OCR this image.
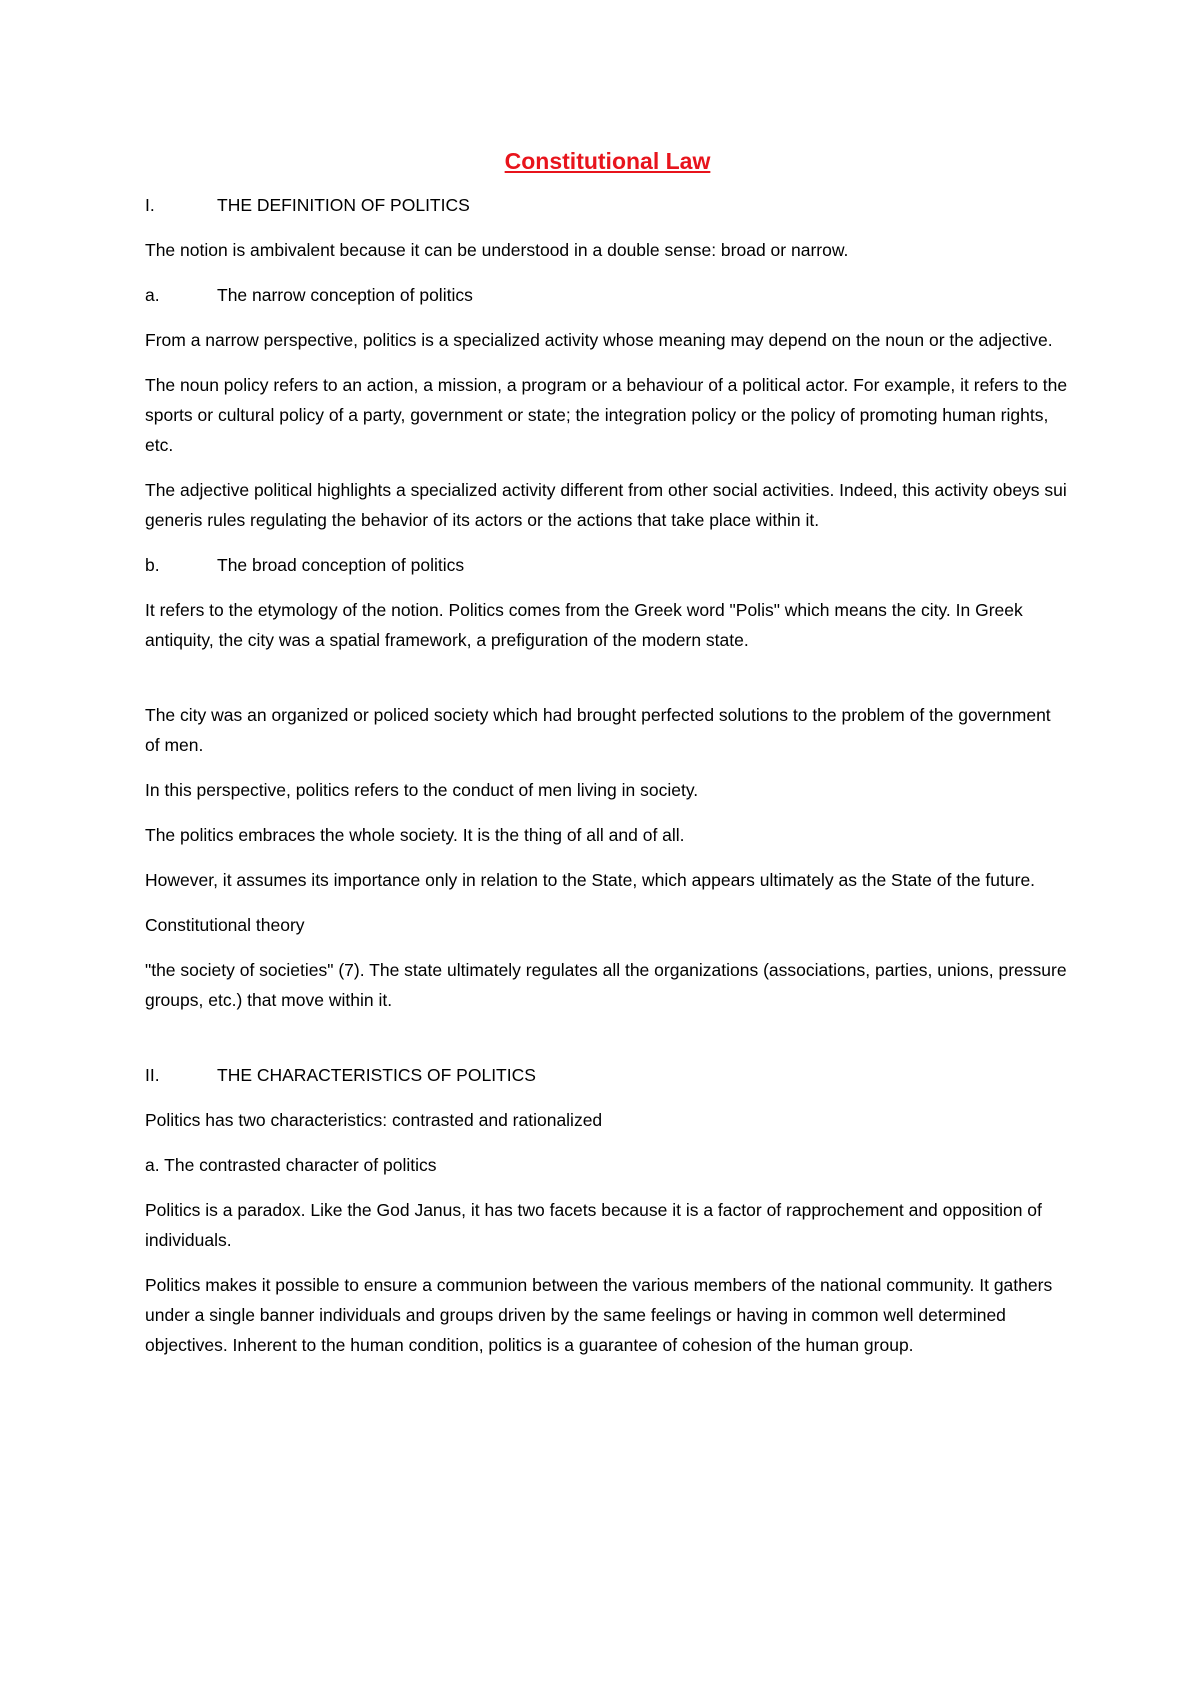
Constitutional Law
I.	THE DEFINITION OF POLITICS

The notion is ambivalent because it can be understood in a double sense: broad or narrow.

a.	The narrow conception of politics

From a narrow perspective, politics is a specialized activity whose meaning may depend on the noun or the adjective.

The noun policy refers to an action, a mission, a program or a behaviour of a political actor. For example, it refers to the sports or cultural policy of a party, government or state; the integration policy or the policy of promoting human rights, etc.

The adjective political highlights a specialized activity different from other social activities. Indeed, this activity obeys sui generis rules regulating the behavior of its actors or the actions that take place within it.

b.	The broad conception of politics

It refers to the etymology of the notion. Politics comes from the Greek word "Polis" which means the city. In Greek antiquity, the city was a spatial framework, a prefiguration of the modern state.

The city was an organized or policed society which had brought perfected solutions to the problem of the government of men.

In this perspective, politics refers to the conduct of men living in society.

The politics embraces the whole society. It is the thing of all and of all.

However, it assumes its importance only in relation to the State, which appears ultimately as the State of the future.

Constitutional theory

"the society of societies" (7). The state ultimately regulates all the organizations (associations, parties, unions, pressure groups, etc.) that move within it.

II.	THE CHARACTERISTICS OF POLITICS

Politics has two characteristics: contrasted and rationalized

a. The contrasted character of politics

Politics is a paradox. Like the God Janus, it has two facets because it is a factor of rapprochement and opposition of individuals.

Politics makes it possible to ensure a communion between the various members of the national community. It gathers under a single banner individuals and groups driven by the same feelings or having in common well determined objectives. Inherent to the human condition, politics is a guarantee of cohesion of the human group.
